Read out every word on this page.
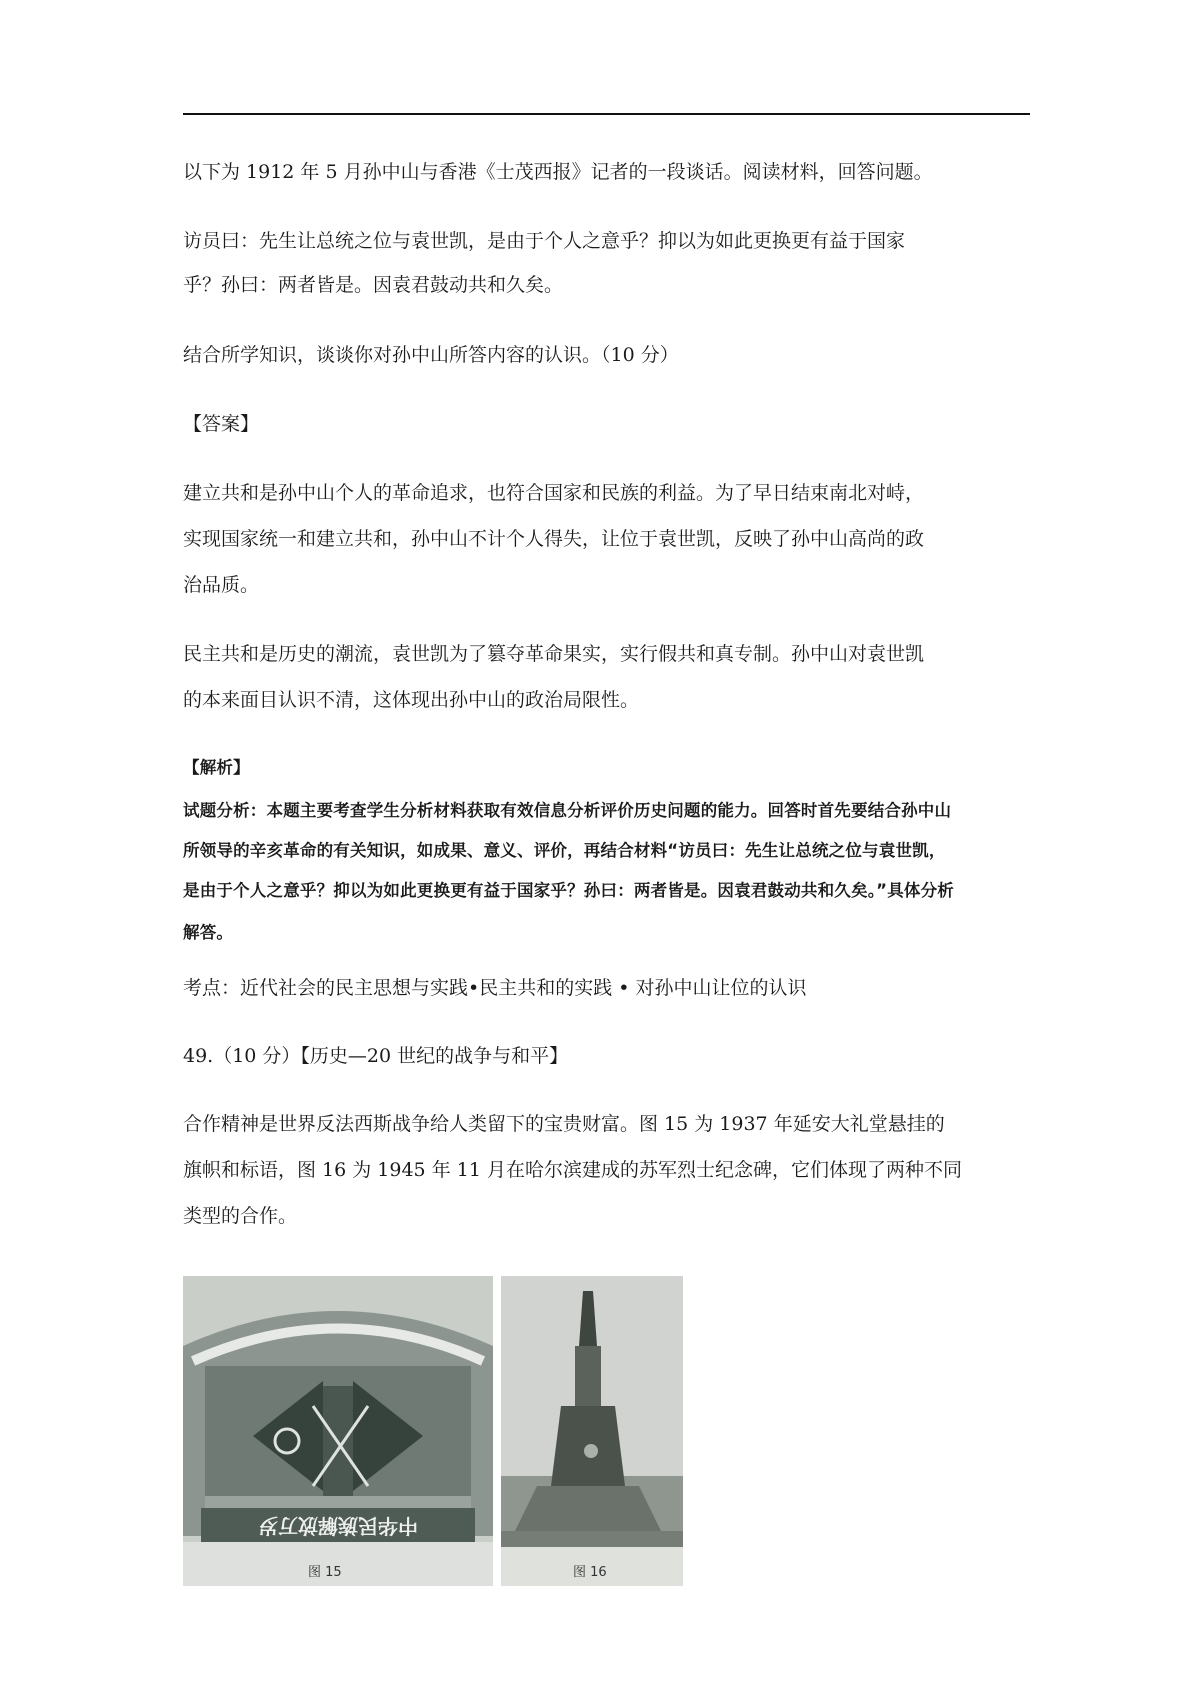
以下为 1912 年 5 月孙中山与香港《士茂西报》记者的一段谈话。阅读材料，回答问题。
访员曰：先生让总统之位与袁世凯，是由于个人之意乎？抑以为如此更换更有益于国家
乎？孙曰：两者皆是。因袁君鼓动共和久矣。
结合所学知识，谈谈你对孙中山所答内容的认识。（10 分）
【答案】
建立共和是孙中山个人的革命追求，也符合国家和民族的利益。为了早日结束南北对峙，
实现国家统一和建立共和，孙中山不计个人得失，让位于袁世凯，反映了孙中山高尚的政
治品质。
民主共和是历史的潮流，袁世凯为了篡夺革命果实，实行假共和真专制。孙中山对袁世凯
的本来面目认识不清，这体现出孙中山的政治局限性。
【解析】
试题分析：本题主要考查学生分析材料获取有效信息分析评价历史问题的能力。回答时首先要结合孙中山
所领导的辛亥革命的有关知识，如成果、意义、评价，再结合材料“访员曰：先生让总统之位与袁世凯，
是由于个人之意乎？抑以为如此更换更有益于国家乎？孙曰：两者皆是。因袁君鼓动共和久矣。”具体分析
解答。
考点：近代社会的民主思想与实践•民主共和的实践 • 对孙中山让位的认识
49.（10 分）【历史—20 世纪的战争与和平】
合作精神是世界反法西斯战争给人类留下的宝贵财富。图 15 为 1937 年延安大礼堂悬挂的
旗帜和标语，图 16 为 1945 年 11 月在哈尔滨建成的苏军烈士纪念碑，它们体现了两种不同
类型的合作。
中华民族解放万岁
图 15	图 16
